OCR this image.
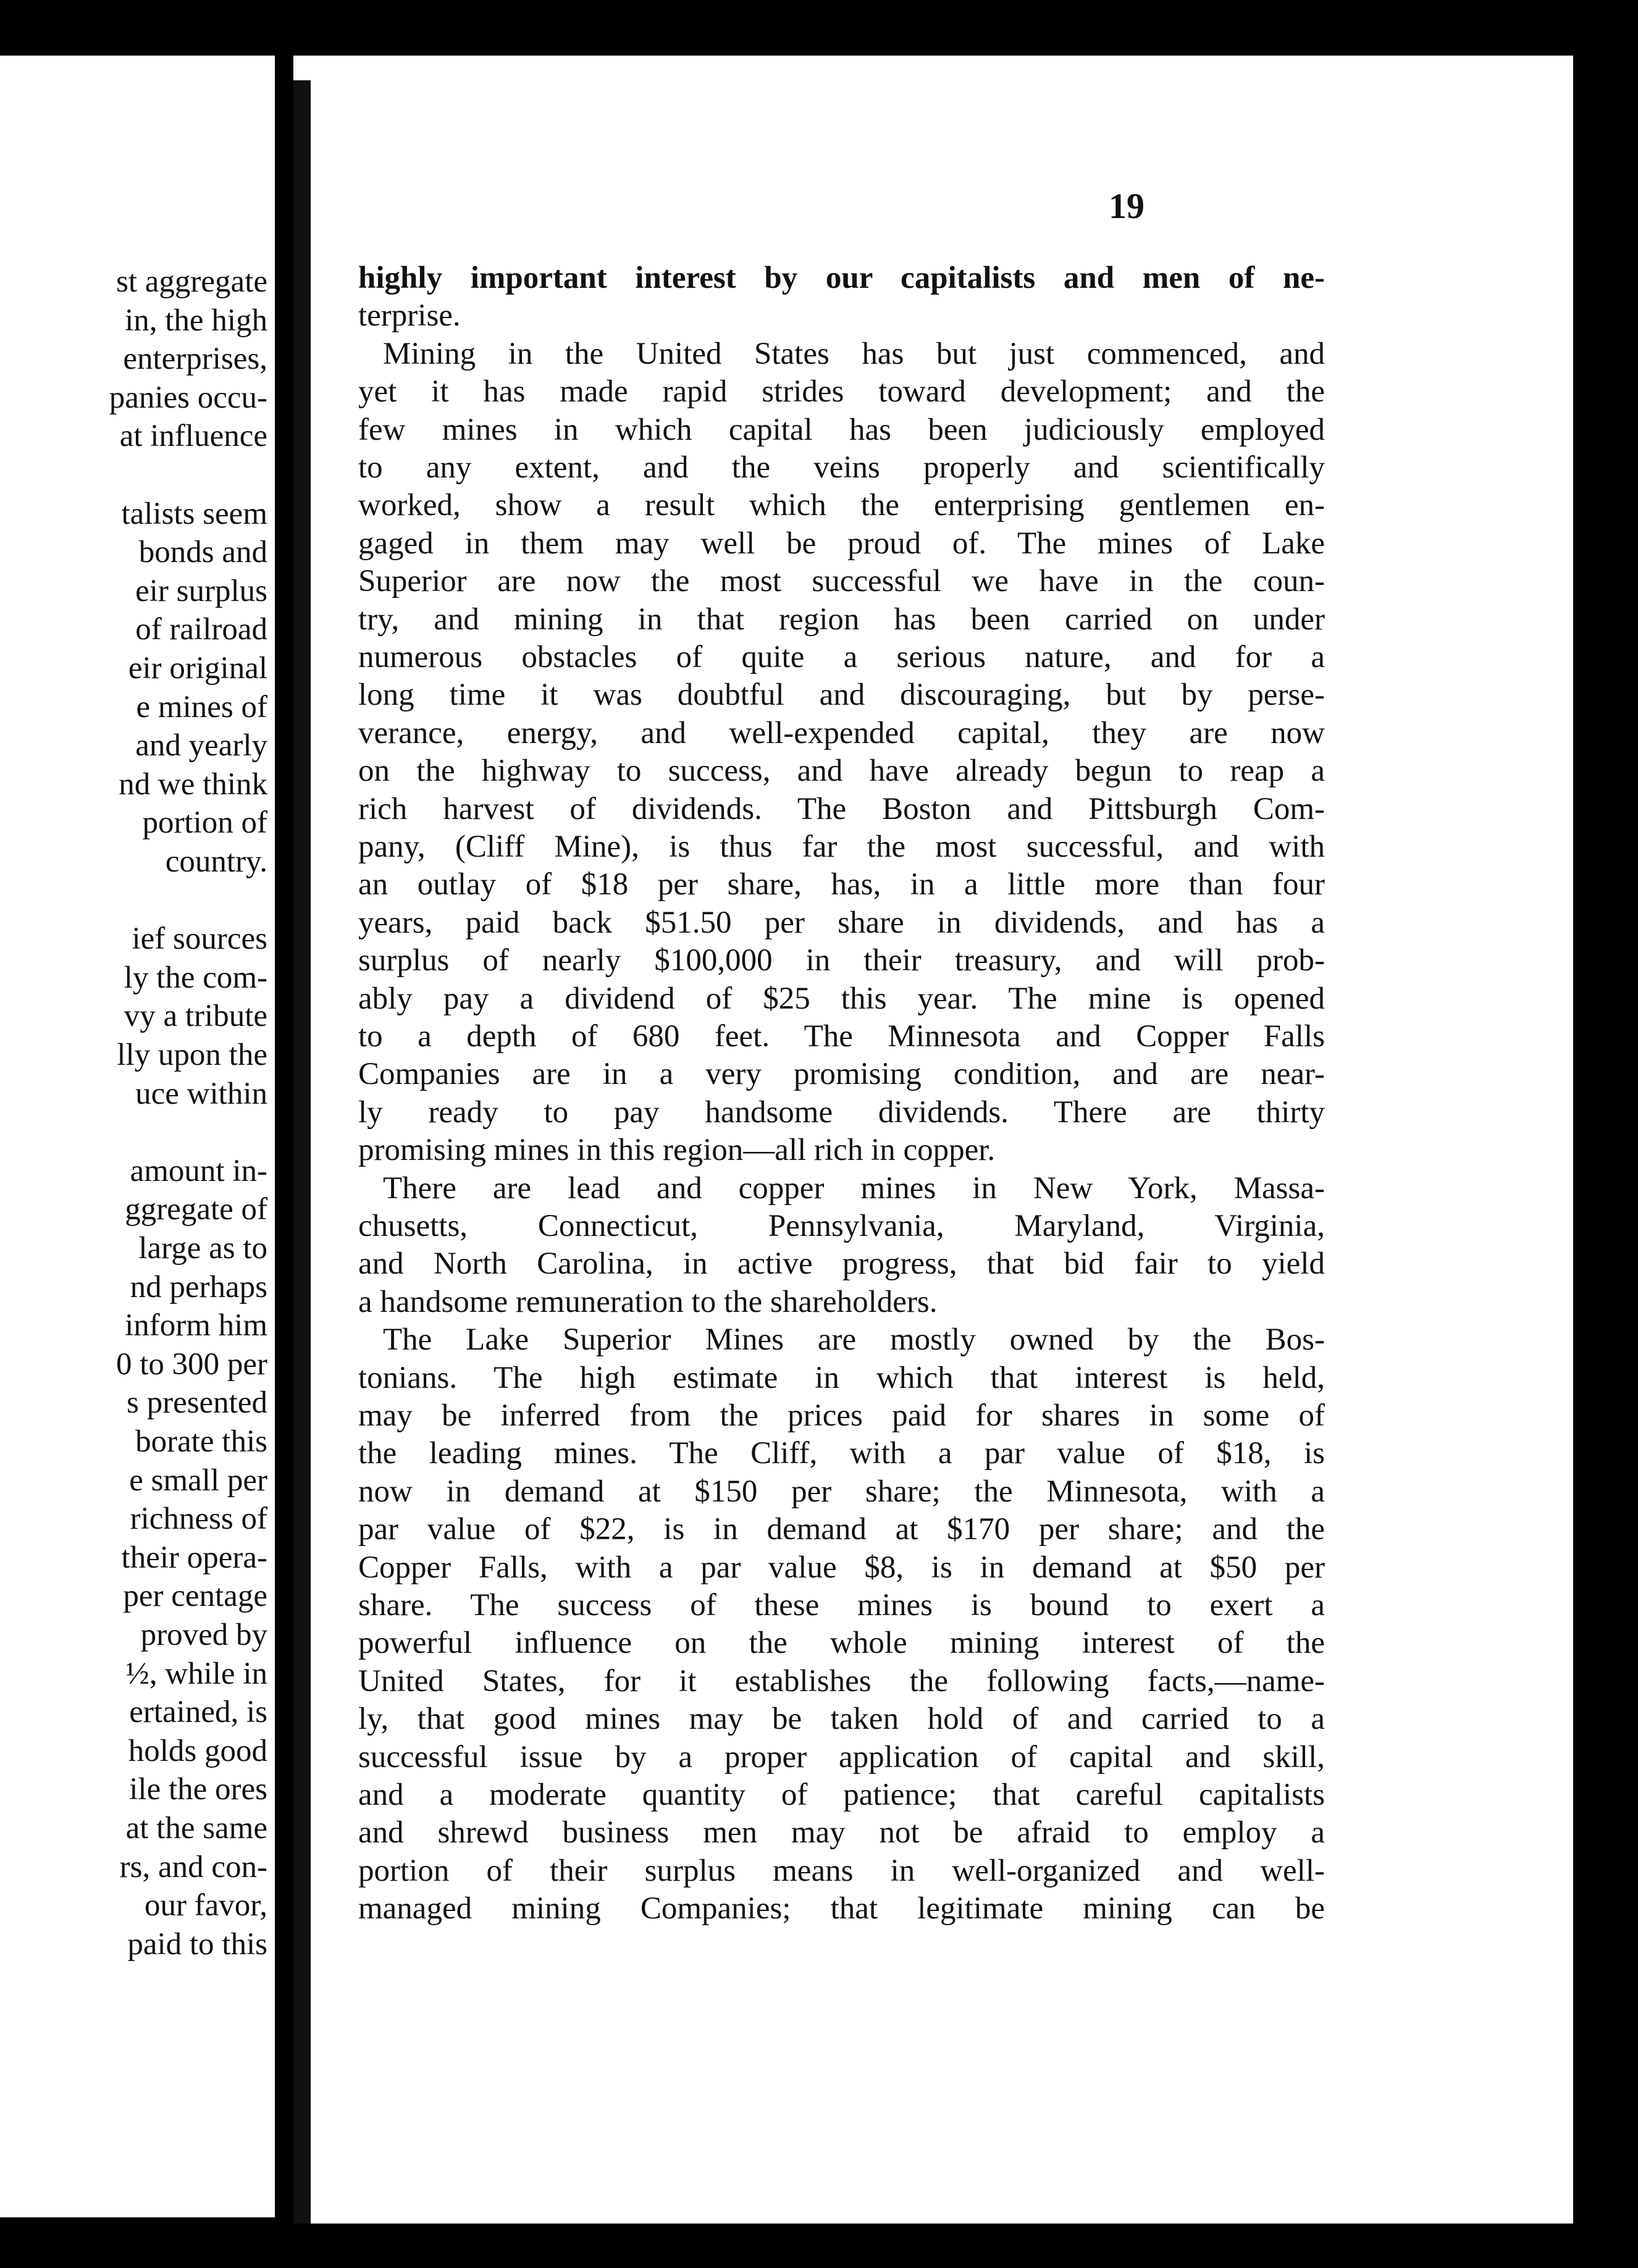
st aggregate
in, the high
enterprises,
panies occu-
at influence
talists seem
bonds and
eir surplus
of railroad
eir original
e mines of
and yearly
nd we think
portion of
country.
ief sources
ly the com-
vy a tribute
lly upon the
uce within
amount in-
ggregate of
large as to
nd perhaps
inform him
0 to 300 per
s presented
borate this
e small per
richness of
their opera-
per centage
proved by
½, while in
ertained, is
holds good
ile the ores
at the same
rs, and con-
our favor,
paid to this
19
highly important interest by our capitalists and men of ne-
terprise.
Mining in the United States has but just commenced, and
yet it has made rapid strides toward development; and the
few mines in which capital has been judiciously employed
to any extent, and the veins properly and scientifically
worked, show a result which the enterprising gentlemen en-
gaged in them may well be proud of. The mines of Lake
Superior are now the most successful we have in the coun-
try, and mining in that region has been carried on under
numerous obstacles of quite a serious nature, and for a
long time it was doubtful and discouraging, but by perse-
verance, energy, and well-expended capital, they are now
on the highway to success, and have already begun to reap a
rich harvest of dividends. The Boston and Pittsburgh Com-
pany, (Cliff Mine), is thus far the most successful, and with
an outlay of $18 per share, has, in a little more than four
years, paid back $51.50 per share in dividends, and has a
surplus of nearly $100,000 in their treasury, and will prob-
ably pay a dividend of $25 this year. The mine is opened
to a depth of 680 feet. The Minnesota and Copper Falls
Companies are in a very promising condition, and are near-
ly ready to pay handsome dividends. There are thirty
promising mines in this region—all rich in copper.
There are lead and copper mines in New York, Massa-
chusetts, Connecticut, Pennsylvania, Maryland, Virginia,
and North Carolina, in active progress, that bid fair to yield
a handsome remuneration to the shareholders.
The Lake Superior Mines are mostly owned by the Bos-
tonians. The high estimate in which that interest is held,
may be inferred from the prices paid for shares in some of
the leading mines. The Cliff, with a par value of $18, is
now in demand at $150 per share; the Minnesota, with a
par value of $22, is in demand at $170 per share; and the
Copper Falls, with a par value $8, is in demand at $50 per
share. The success of these mines is bound to exert a
powerful influence on the whole mining interest of the
United States, for it establishes the following facts,—name-
ly, that good mines may be taken hold of and carried to a
successful issue by a proper application of capital and skill,
and a moderate quantity of patience; that careful capitalists
and shrewd business men may not be afraid to employ a
portion of their surplus means in well-organized and well-
managed mining Companies; that legitimate mining can be
